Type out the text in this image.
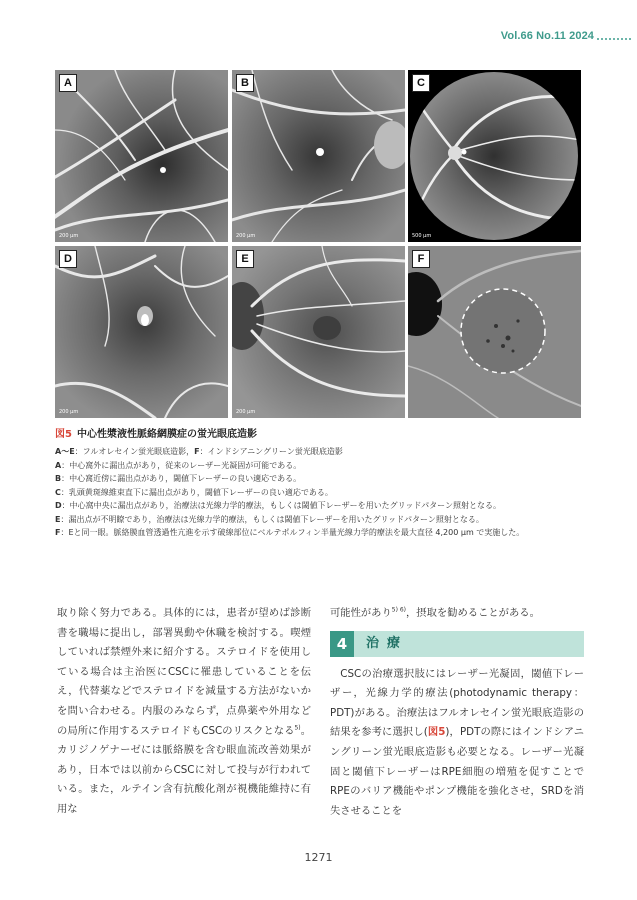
Vol.66 No.11 2024
A
200 μm
B
200 μm
C
500 μm
D
200 μm
E
200 μm
F
図5 中心性漿液性脈絡網膜症の蛍光眼底造影
A〜E：フルオレセイン蛍光眼底造影，F：インドシアニングリーン蛍光眼底造影
A：中心窩外に漏出点があり，従来のレーザー光凝固が可能である。
B：中心窩近傍に漏出点があり，閾値下レーザーの良い適応である。
C：乳頭黄斑線維束直下に漏出点があり，閾値下レーザーの良い適応である。
D：中心窩中央に漏出点があり，治療法は光線力学的療法，もしくは閾値下レーザーを用いたグリッドパターン照射となる。
E：漏出点が不明瞭であり，治療法は光線力学的療法，もしくは閾値下レーザーを用いたグリッドパターン照射となる。
F：Eと同一眼。脈絡膜血管透過性亢進を示す破線部位にベルテポルフィン半量光線力学的療法を最大直径 4,200 μm で実施した。

取り除く努力である。具体的には，患者が望めば診断書を職場に提出し，部署異動や休職を検討する。喫煙していれば禁煙外来に紹介する。ステロイドを使用している場合は主治医にCSCに罹患していることを伝え，代替薬などでステロイドを減量する方法がないかを問い合わせる。内服のみならず，点鼻薬や外用などの局所に作用するステロイドもCSCのリスクとなる$^{5)}$。カリジノゲナーゼには脈絡膜を含む眼血流改善効果があり，日本では以前からCSCに対して投与が行われている。また，ルテイン含有抗酸化剤が視機能維持に有用な

可能性があり$^{5) 6)}$，摂取を勧めることがある。

4	治療

CSCの治療選択肢にはレーザー光凝固，閾値下レーザー，光線力学的療法(photodynamic therapy：PDT)がある。治療法はフルオレセイン蛍光眼底造影の結果を参考に選択し(図5)，PDTの際にはインドシアニングリーン蛍光眼底造影も必要となる。レーザー光凝固と閾値下レーザーはRPE細胞の増殖を促すことでRPEのバリア機能やポンプ機能を強化させ，SRDを消失させることを

1271
